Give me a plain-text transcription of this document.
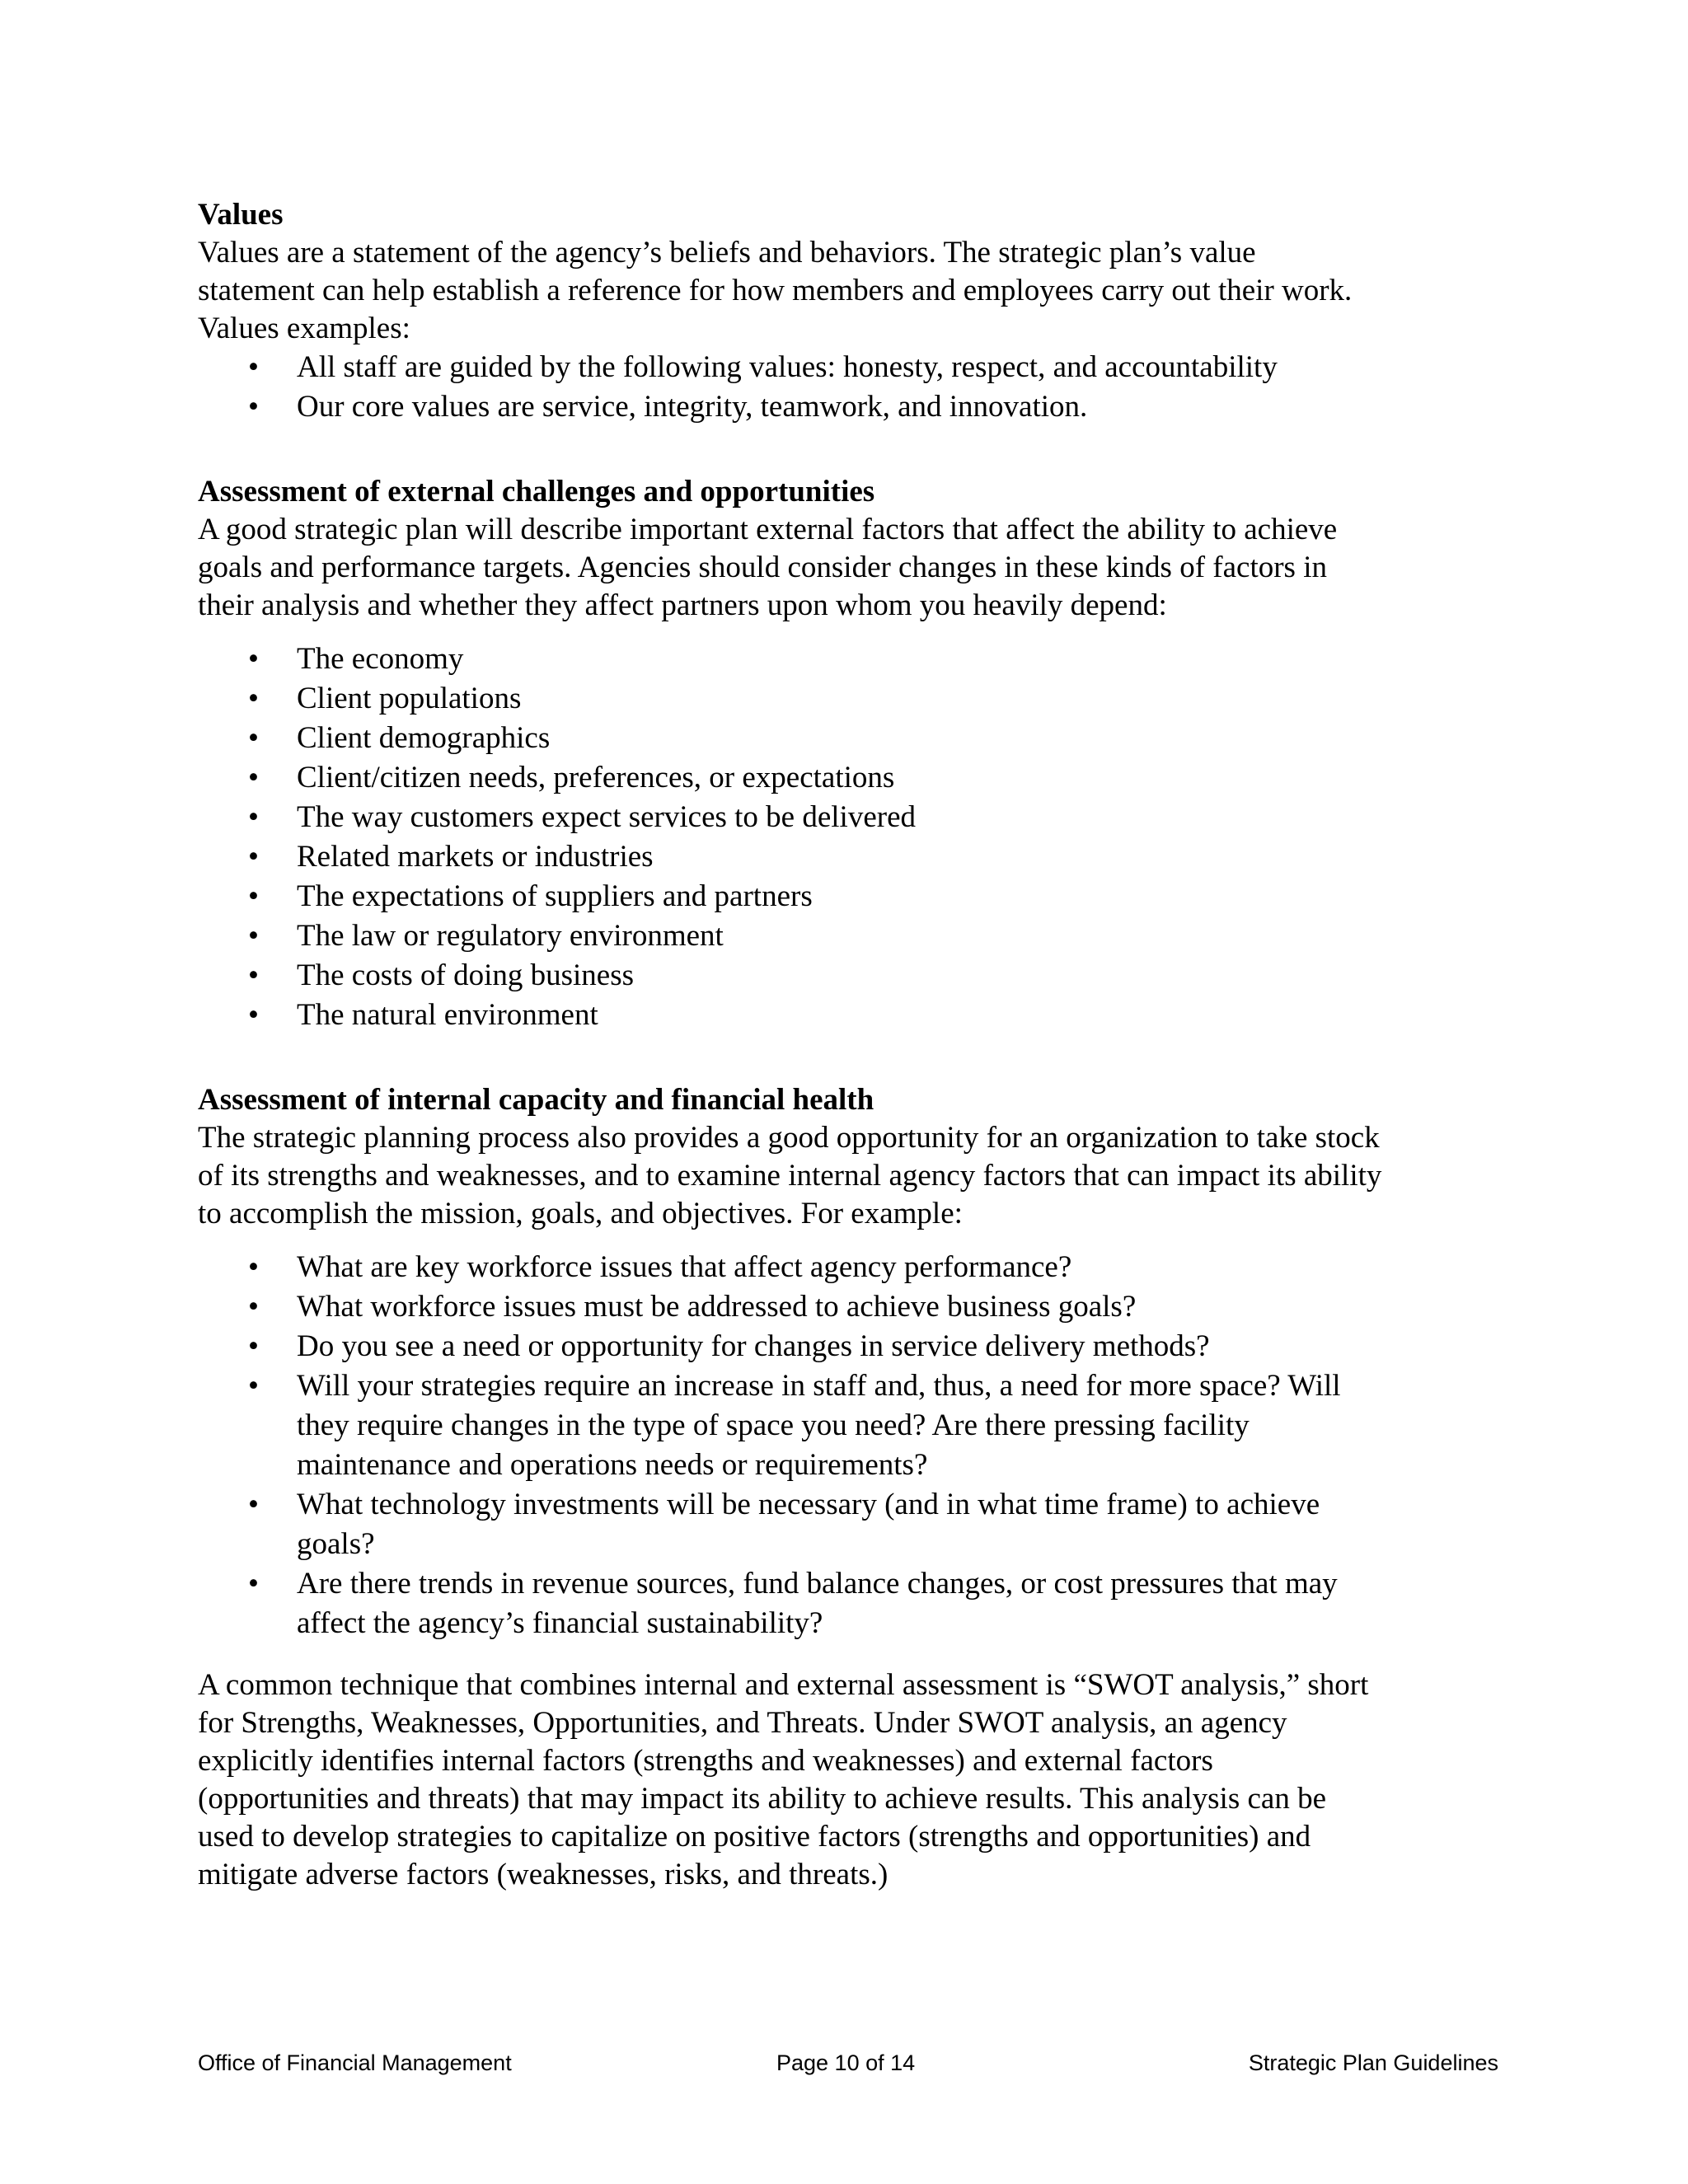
Values

Values are a statement of the agency’s beliefs and behaviors. The strategic plan’s value
statement can help establish a reference for how members and employees carry out their work.
Values examples:
• All staff are guided by the following values: honesty, respect, and accountability
• Our core values are service, integrity, teamwork, and innovation.

Assessment of external challenges and opportunities

A good strategic plan will describe important external factors that affect the ability to achieve
goals and performance targets. Agencies should consider changes in these kinds of factors in
their analysis and whether they affect partners upon whom you heavily depend:
• The economy
• Client populations
• Client demographics
• Client/citizen needs, preferences, or expectations
• The way customers expect services to be delivered
• Related markets or industries
• The expectations of suppliers and partners
• The law or regulatory environment
• The costs of doing business
• The natural environment

Assessment of internal capacity and financial health

The strategic planning process also provides a good opportunity for an organization to take stock
of its strengths and weaknesses, and to examine internal agency factors that can impact its ability
to accomplish the mission, goals, and objectives. For example:
• What are key workforce issues that affect agency performance?
• What workforce issues must be addressed to achieve business goals?
• Do you see a need or opportunity for changes in service delivery methods?
• Will your strategies require an increase in staff and, thus, a need for more space? Will
they require changes in the type of space you need? Are there pressing facility
maintenance and operations needs or requirements?
• What technology investments will be necessary (and in what time frame) to achieve
goals?
• Are there trends in revenue sources, fund balance changes, or cost pressures that may
affect the agency’s financial sustainability?
A common technique that combines internal and external assessment is “SWOT analysis,” short
for Strengths, Weaknesses, Opportunities, and Threats. Under SWOT analysis, an agency
explicitly identifies internal factors (strengths and weaknesses) and external factors
(opportunities and threats) that may impact its ability to achieve results. This analysis can be
used to develop strategies to capitalize on positive factors (strengths and opportunities) and
mitigate adverse factors (weaknesses, risks, and threats.)
Office of Financial Management	Page 10 of 14	Strategic Plan Guidelines
